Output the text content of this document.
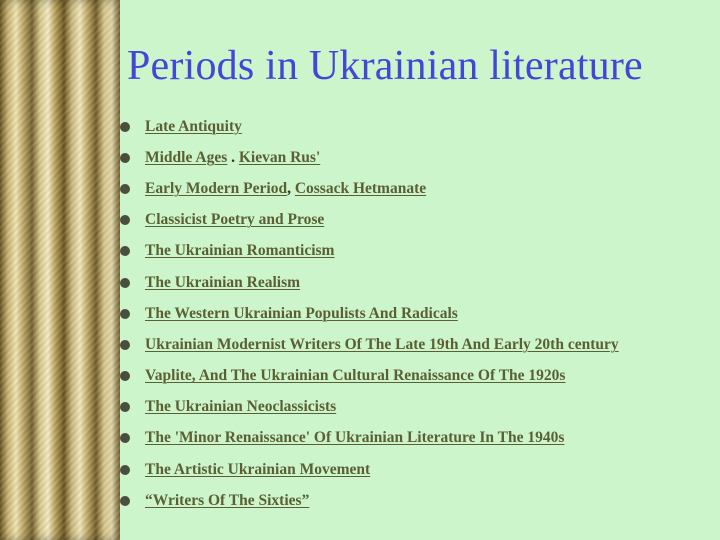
Periods in Ukrainian literature
Late Antiquity
Middle Ages . Kievan Rus'
Early Modern Period, Cossack Hetmanate
Classicist Poetry and Prose
The Ukrainian Romanticism
The Ukrainian Realism
The Western Ukrainian Populists And Radicals
Ukrainian Modernist Writers Of The Late 19th And Early 20th century
Vaplite, And The Ukrainian Cultural Renaissance Of The 1920s
The Ukrainian Neoclassicists
The 'Minor Renaissance' Of Ukrainian Literature In The 1940s
The Artistic Ukrainian Movement
“Writers Of The Sixties”
